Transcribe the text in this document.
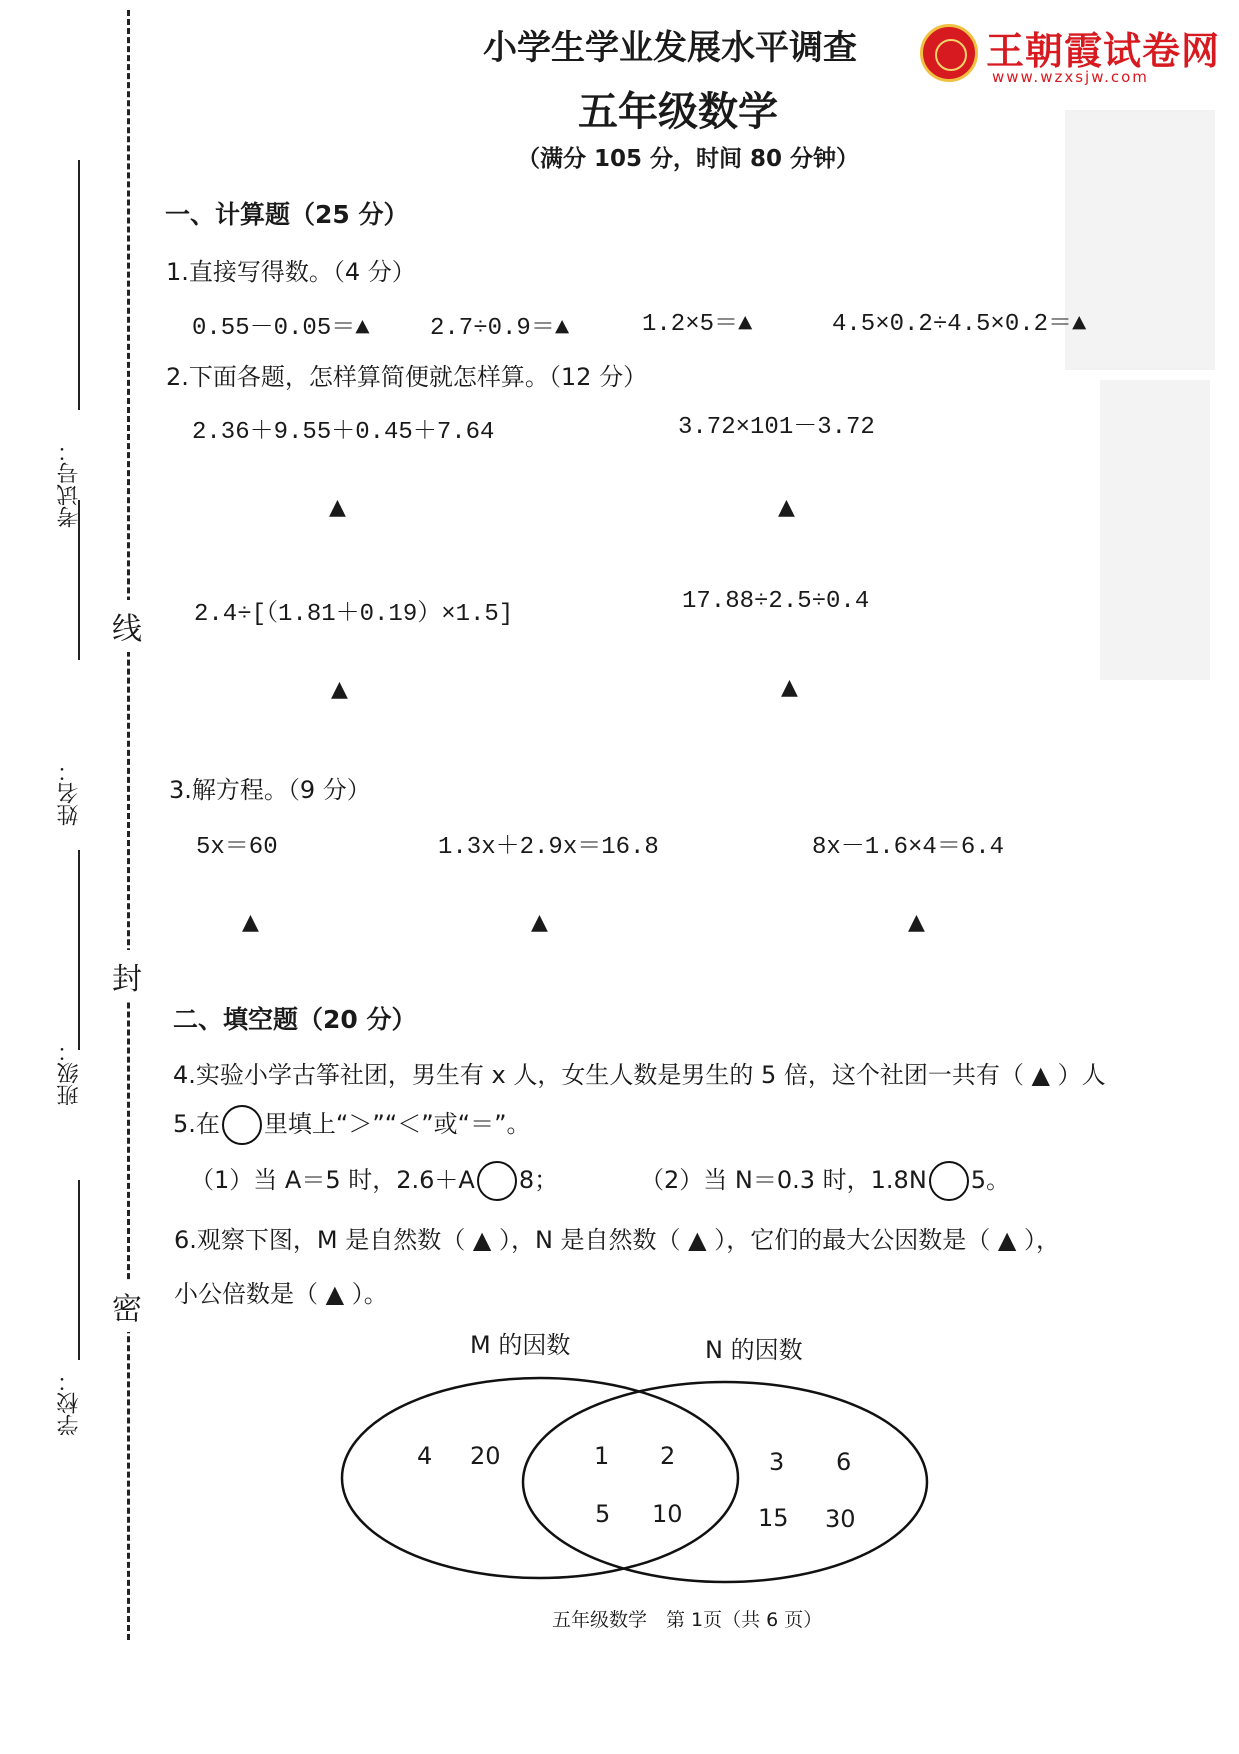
王朝霞试卷网
www.wzxsjw.com
考试号：
姓名：
班级：
学校：
线
封
密
小学生学业发展水平调查
五年级数学
（满分 105 分，时间 80 分钟）
一、计算题（25 分）
1.直接写得数。（4 分）
0.55－0.05＝▲	2.7÷0.9＝▲	1.2×5＝▲	4.5×0.2÷4.5×0.2＝▲
2.下面各题，怎样算简便就怎样算。（12 分）
2.36＋9.55＋0.45＋7.64	3.72×101－3.72
▲	▲
2.4÷[（1.81＋0.19）×1.5]	17.88÷2.5÷0.4
▲	▲
3.解方程。（9 分）
5x＝60	1.3x＋2.9x＝16.8	8x－1.6×4＝6.4
▲	▲	▲
二、填空题（20 分）
4.实验小学古筝社团，男生有 x 人，女生人数是男生的 5 倍，这个社团一共有（ ▲ ）人
5.在 里填上“＞”“＜”或“＝”。
（1）当 A＝5 时，2.6＋A 8；	（2）当 N＝0.3 时，1.8N 5。
6.观察下图，M 是自然数（ ▲ ），N 是自然数（ ▲ ），它们的最大公因数是（ ▲ ），
小公倍数是（ ▲ ）。
M 的因数	N 的因数
4 20	1 2
5 10
3 6
15 30
五年级数学　第 1页（共 6 页）
